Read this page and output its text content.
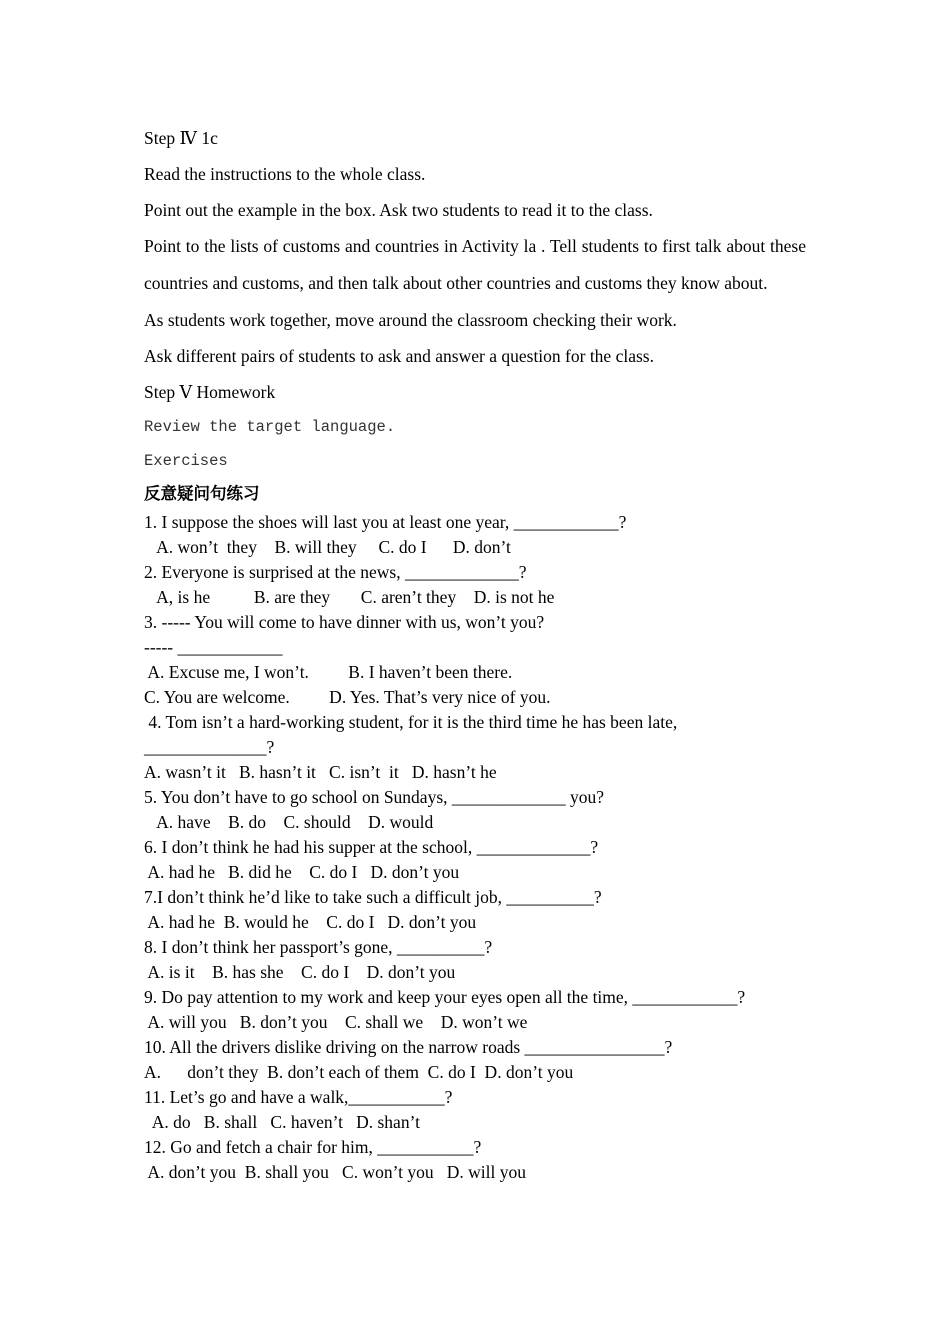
Step Ⅳ 1c

Read the instructions to the whole class.

Point out the example in the box. Ask two students to read it to the class.

Point to the lists of customs and countries in Activity la . Tell students to first talk about these countries and customs, and then talk about other countries and customs they know about.

As students work together, move around the classroom checking their work.

Ask different pairs of students to ask and answer a question for the class.

Step Ⅴ Homework

Review the target language.

Exercises

反意疑问句练习

1. I suppose the shoes will last you at least one year, ____________?

A. won’t  they    B. will they     C. do I      D. don’t

2. Everyone is surprised at the news, _____________?

A, is he          B. are they       C. aren’t they    D. is not he

3. ----- You will come to have dinner with us, won’t you?

----- ____________

A. Excuse me, I won’t.         B. I haven’t been there.

C. You are welcome.         D. Yes. That’s very nice of you.

4. Tom isn’t a hard-working student, for it is the third time he has been late,

______________?

A. wasn’t it   B. hasn’t it   C. isn’t  it   D. hasn’t he

5. You don’t have to go school on Sundays, _____________ you?

A. have    B. do    C. should    D. would

6. I don’t think he had his supper at the school, _____________?

A. had he   B. did he    C. do I   D. don’t you

7.I don’t think he’d like to take such a difficult job, __________?

A. had he  B. would he    C. do I   D. don’t you

8. I don’t think her passport’s gone, __________?

A. is it    B. has she    C. do I    D. don’t you

9. Do pay attention to my work and keep your eyes open all the time, ____________?

A. will you   B. don’t you    C. shall we    D. won’t we

10. All the drivers dislike driving on the narrow roads ________________?

A.      don’t they  B. don’t each of them  C. do I  D. don’t you

11. Let’s go and have a walk,___________?

A. do   B. shall   C. haven’t   D. shan’t

12. Go and fetch a chair for him, ___________?

A. don’t you  B. shall you   C. won’t you   D. will you
